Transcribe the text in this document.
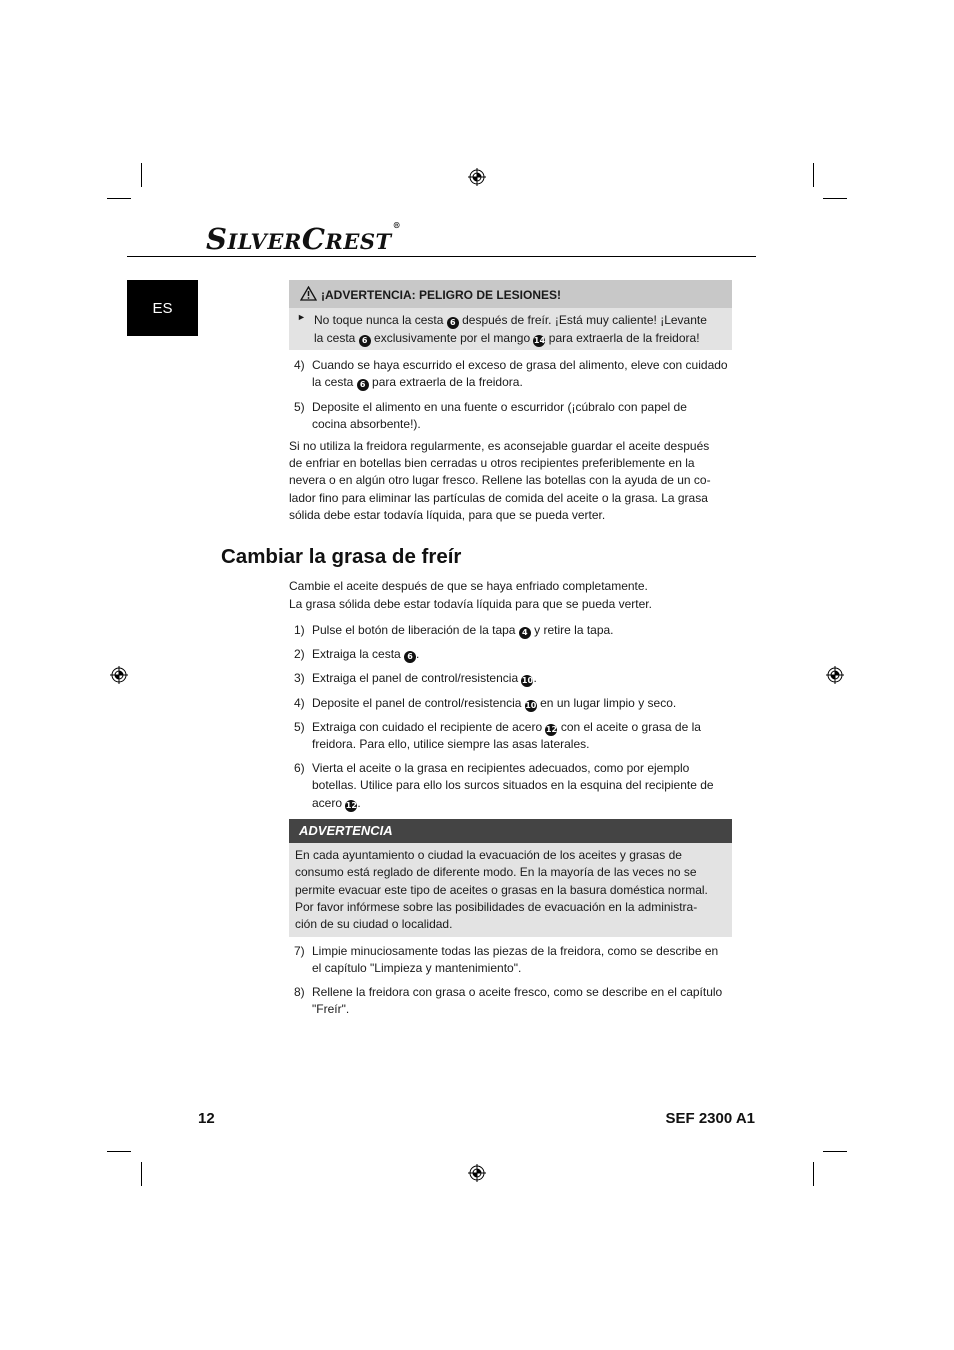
SILVERCREST®
ES
¡ADVERTENCIA: PELIGRO DE LESIONES!
► No toque nunca la cesta 6 después de freír. ¡Está muy caliente! ¡Levante
la cesta 6 exclusivamente por el mango 14 para extraerla de la freidora!
4) Cuando se haya escurrido el exceso de grasa del alimento, eleve con cuidado
la cesta 6 para extraerla de la freidora.
5) Deposite el alimento en una fuente o escurridor (¡cúbralo con papel de
cocina absorbente!).
Si no utiliza la freidora regularmente, es aconsejable guardar el aceite después
de enfriar en botellas bien cerradas u otros recipientes preferiblemente en la
nevera o en algún otro lugar fresco. Rellene las botellas con la ayuda de un co-
lador fino para eliminar las partículas de comida del aceite o la grasa. La grasa
sólida debe estar todavía líquida, para que se pueda verter.
Cambiar la grasa de freír
Cambie el aceite después de que se haya enfriado completamente.
La grasa sólida debe estar todavía líquida para que se pueda verter.
1) Pulse el botón de liberación de la tapa 4 y retire la tapa.
2) Extraiga la cesta 6 .
3) Extraiga el panel de control/resistencia 10.
4) Deposite el panel de control/resistencia 10 en un lugar limpio y seco.
5) Extraiga con cuidado el recipiente de acero 12 con el aceite o grasa de la
freidora. Para ello, utilice siempre las asas laterales.
6) Vierta el aceite o la grasa en recipientes adecuados, como por ejemplo
botellas. Utilice para ello los surcos situados en la esquina del recipiente de
acero 12.
ADVERTENCIA
En cada ayuntamiento o ciudad la evacuación de los aceites y grasas de
consumo está reglado de diferente modo. En la mayoría de las veces no se
permite evacuar este tipo de aceites o grasas en la basura doméstica normal.
Por favor infórmese sobre las posibilidades de evacuación en la administra-
ción de su ciudad o localidad.
7) Limpie minuciosamente todas las piezas de la freidora, como se describe en
el capítulo "Limpieza y mantenimiento".
8) Rellene la freidora con grasa o aceite fresco, como se describe en el capítulo
"Freír".
12	SEF 2300 A1
